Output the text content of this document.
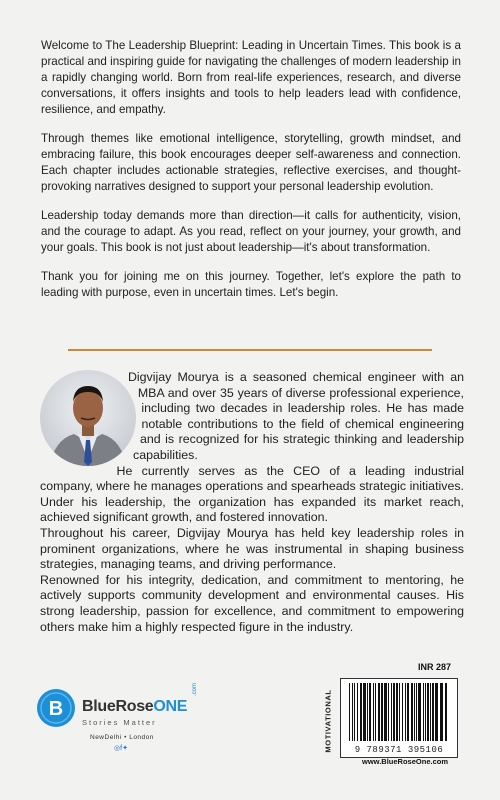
Welcome to The Leadership Blueprint: Leading in Uncertain Times. This book is a practical and inspiring guide for navigating the challenges of modern leadership in a rapidly changing world. Born from real-life experiences, research, and diverse conversations, it offers insights and tools to help leaders lead with confidence, resilience, and empathy.

Through themes like emotional intelligence, storytelling, growth mindset, and embracing failure, this book encourages deeper self-awareness and connection. Each chapter includes actionable strategies, reflective exercises, and thought-provoking narratives designed to support your personal leadership evolution.

Leadership today demands more than direction—it calls for authenticity, vision, and the courage to adapt. As you read, reflect on your journey, your growth, and your goals. This book is not just about leadership—it's about transformation.

Thank you for joining me on this journey. Together, let's explore the path to leading with purpose, even in uncertain times. Let's begin.

Digvijay Mourya is a seasoned chemical engineer with an MBA and over 35 years of diverse professional experience, including two decades in leadership roles. He has made notable contributions to the field of chemical engineering and is recognized for his strategic thinking and leadership capabilities.

He currently serves as the CEO of a leading industrial company, where he manages operations and spearheads strategic initiatives. Under his leadership, the organization has expanded its market reach, achieved significant growth, and fostered innovation.

Throughout his career, Digvijay Mourya has held key leadership roles in prominent organizations, where he was instrumental in shaping business strategies, managing teams, and driving performance.

Renowned for his integrity, dedication, and commitment to mentoring, he actively supports community development and environmental causes. His strong leadership, passion for excellence, and commitment to empowering others make him a highly respected figure in the industry.

B BlueRoseONE
.com
Stories Matter
NewDelhi • London
◎f✦
INR 287
MOTIVATIONAL	9 789371 395106
www.BlueRoseOne.com
